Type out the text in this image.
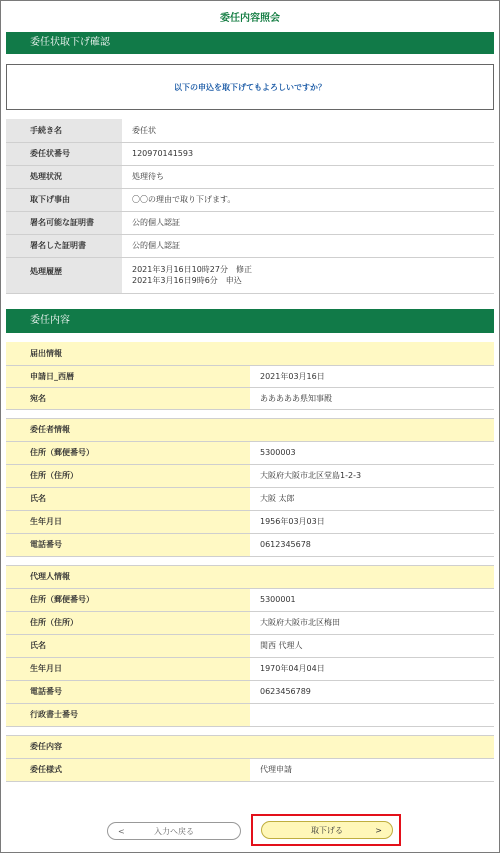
委任内容照会
委任状取下げ確認
以下の申込を取下げてもよろしいですか？
手続き名	委任状
委任状番号	120970141593
処理状況	処理待ち
取下げ事由	〇〇の理由で取り下げます。
署名可能な証明書	公的個人認証
署名した証明書	公的個人認証
処理履歴	2021年3月16日10時27分　修正
2021年3月16日9時6分　申込
委任内容
届出情報	
申請日_西暦	2021年03月16日
宛名	あああああ県知事殿

委任者情報	
住所（郵便番号）	5300003
住所（住所）	大阪府大阪市北区堂島1-2-3
氏名	大阪 太郎
生年月日	1956年03月03日
電話番号	0612345678

代理人情報	
住所（郵便番号）	5300001
住所（住所）	大阪府大阪市北区梅田
氏名	関西 代理人
生年月日	1970年04月04日
電話番号	0623456789
行政書士番号	

委任内容	
委任様式	代理申請
<	入力へ戻る	取下げる	>
